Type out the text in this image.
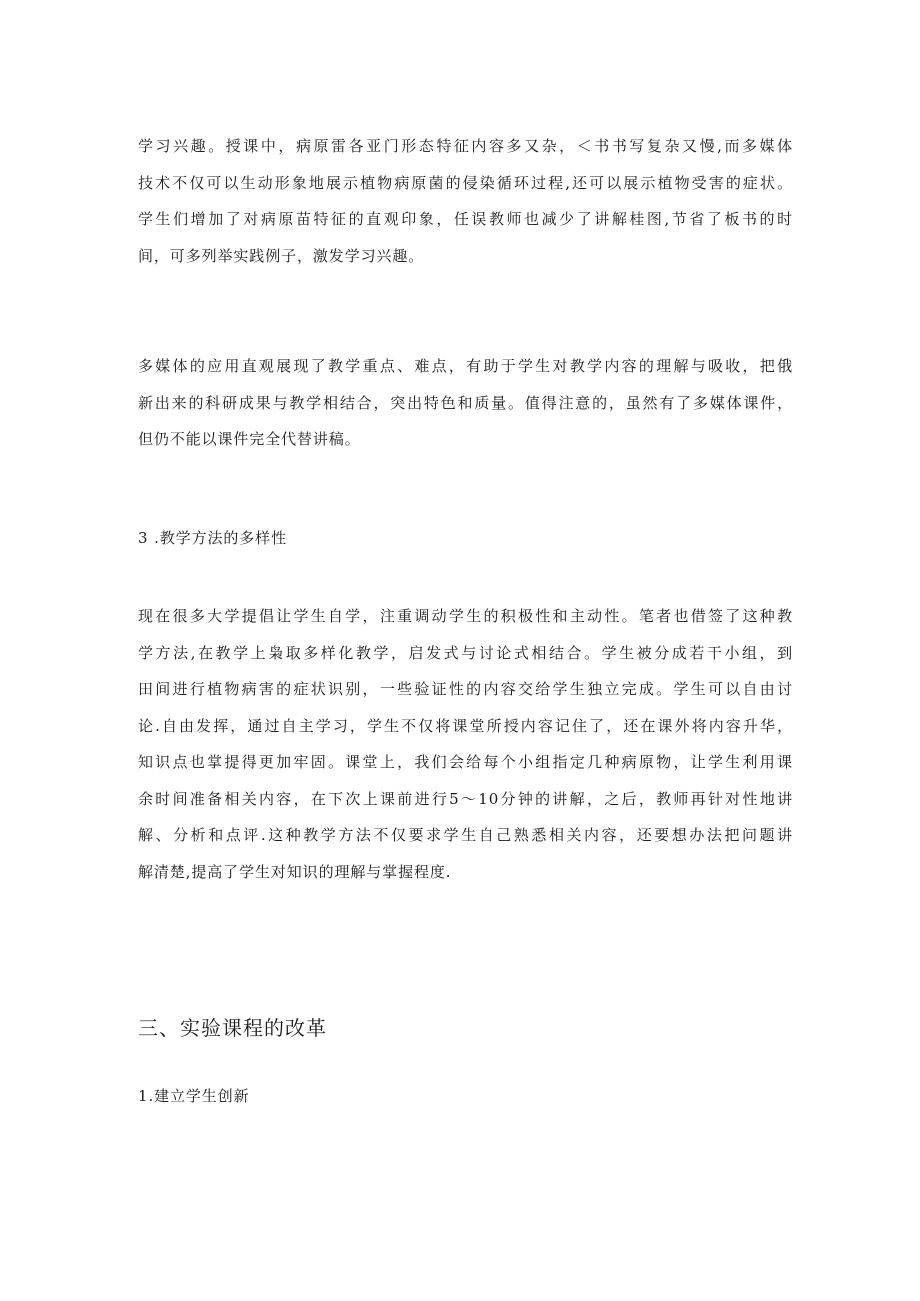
学习兴趣。授课中，病原雷各亚门形态特征内容多又杂，＜书书写复杂又慢,而多媒体
技术不仅可以生动形象地展示植物病原菌的侵染循环过程,还可以展示植物受害的症状。
学生们增加了对病原苗特征的直观印象，任误教师也减少了讲解桂图,节省了板书的时
间，可多列举实践例子，激发学习兴趣。
多媒体的应用直观展现了教学重点、难点，有助于学生对教学内容的理解与吸收，把俄
新出来的科研成果与教学相结合，突出特色和质量。值得注意的，虽然有了多媒体课件，
但仍不能以课件完全代替讲稿。

3 .教学方法的多样性

现在很多大学提倡让学生自学，注重调动学生的积极性和主动性。笔者也借签了这种教
学方法,在教学上枭取多样化教学，启发式与讨论式相结合。学生被分成若干小组，到
田间进行植物病害的症状识别，一些验证性的内容交给学生独立完成。学生可以自由讨
论.自由发挥，通过自主学习，学生不仅将课堂所授内容记住了，还在课外将内容升华，
知识点也掌提得更加牢固。课堂上，我们会给每个小组指定几种病原物，让学生利用课
余时间准备相关内容，在下次上课前进行5〜10分钟的讲解，之后，教师再针对性地讲
解、分析和点评.这种教学方法不仅要求学生自己熟悉相关内容，还要想办法把问题讲
解清楚,提高了学生对知识的理解与掌握程度.
三、实验课程的改革

1.建立学生创新
